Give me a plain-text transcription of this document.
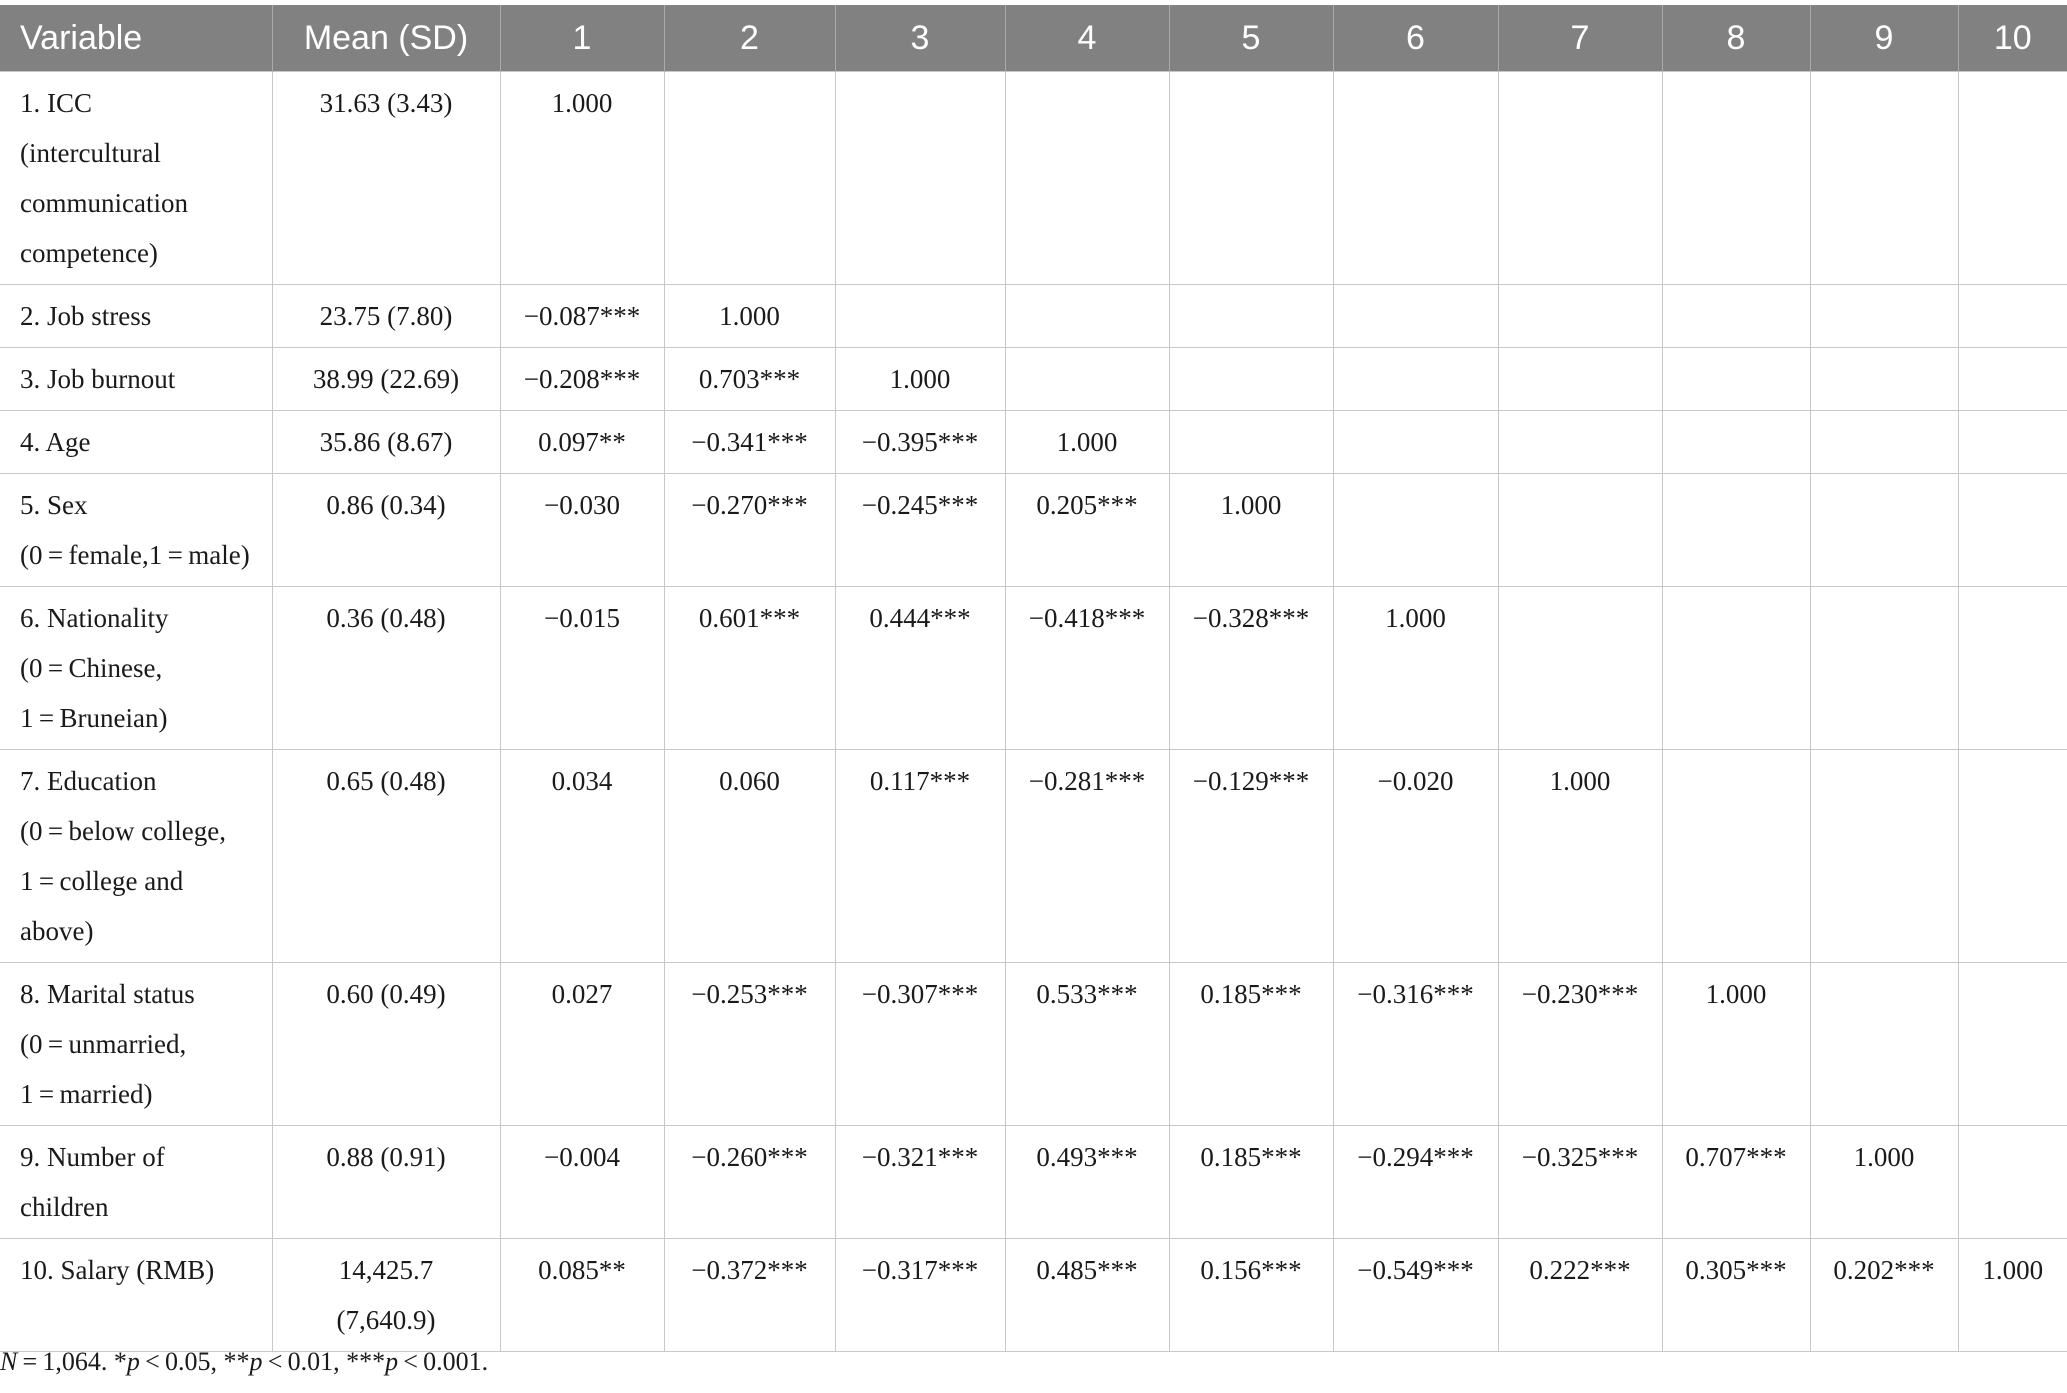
Variable	Mean (SD)	1	2	3	4	5	6	7	8	9	10

1. ICC
(intercultural
communication
competence)	31.63 (3.43)	1.000									

2. Job stress	23.75 (7.80)	−0.087***	1.000								

3. Job burnout	38.99 (22.69)	−0.208***	0.703***	1.000							

4. Age	35.86 (8.67)	0.097**	−0.341***	−0.395***	1.000						

5. Sex
(0 = female,1 = male)	0.86 (0.34)	−0.030	−0.270***	−0.245***	0.205***	1.000					

6. Nationality
(0 = Chinese,
1 = Bruneian)	0.36 (0.48)	−0.015	0.601***	0.444***	−0.418***	−0.328***	1.000				

7. Education
(0 = below college,
1 = college and
above)	0.65 (0.48)	0.034	0.060	0.117***	−0.281***	−0.129***	−0.020	1.000			

8. Marital status
(0 = unmarried,
1 = married)	0.60 (0.49)	0.027	−0.253***	−0.307***	0.533***	0.185***	−0.316***	−0.230***	1.000		

9. Number of
children	0.88 (0.91)	−0.004	−0.260***	−0.321***	0.493***	0.185***	−0.294***	−0.325***	0.707***	1.000	

10. Salary (RMB)	14,425.7
(7,640.9)	0.085**	−0.372***	−0.317***	0.485***	0.156***	−0.549***	0.222***	0.305***	0.202***	1.000
N = 1,064. *p < 0.05, **p < 0.01, ***p < 0.001.
